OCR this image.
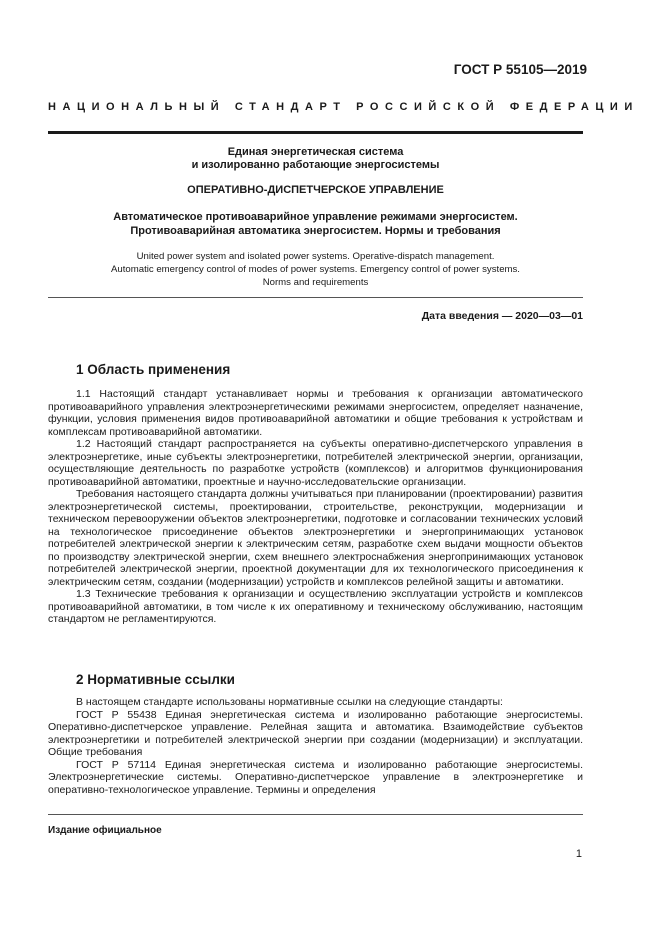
ГОСТ Р 55105—2019
НАЦИОНАЛЬНЫЙ СТАНДАРТ РОССИЙСКОЙ ФЕДЕРАЦИИ
Единая энергетическая система
и изолированно работающие энергосистемы
ОПЕРАТИВНО-ДИСПЕТЧЕРСКОЕ УПРАВЛЕНИЕ
Автоматическое противоаварийное управление режимами энергосистем.
Противоаварийная автоматика энергосистем. Нормы и требования
United power system and isolated power systems. Operative-dispatch management.
Automatic emergency control of modes of power systems. Emergency control of power systems.
Norms and requirements
Дата введения — 2020—03—01
1 Область применения

1.1 Настоящий стандарт устанавливает нормы и требования к организации автоматического противоаварийного управления электроэнергетическими режимами энергосистем, определяет назначение, функции, условия применения видов противоаварийной автоматики и общие требования к устройствам и комплексам противоаварийной автоматики.

1.2 Настоящий стандарт распространяется на субъекты оперативно-диспетчерского управления в электроэнергетике, иные субъекты электроэнергетики, потребителей электрической энергии, организации, осуществляющие деятельность по разработке устройств (комплексов) и алгоритмов функционирования противоаварийной автоматики, проектные и научно-исследовательские организации.

Требования настоящего стандарта должны учитываться при планировании (проектировании) развития электроэнергетической системы, проектировании, строительстве, реконструкции, модернизации и техническом перевооружении объектов электроэнергетики, подготовке и согласовании технических условий на технологическое присоединение объектов электроэнергетики и энергопринимающих установок потребителей электрической энергии к электрическим сетям, разработке схем выдачи мощности объектов по производству электрической энергии, схем внешнего электроснабжения энергопринимающих установок потребителей электрической энергии, проектной документации для их технологического присоединения к электрическим сетям, создании (модернизации) устройств и комплексов релейной защиты и автоматики.

1.3 Технические требования к организации и осуществлению эксплуатации устройств и комплексов противоаварийной автоматики, в том числе к их оперативному и техническому обслуживанию, настоящим стандартом не регламентируются.

2 Нормативные ссылки

В настоящем стандарте использованы нормативные ссылки на следующие стандарты:

ГОСТ Р 55438 Единая энергетическая система и изолированно работающие энергосистемы. Оперативно-диспетчерское управление. Релейная защита и автоматика. Взаимодействие субъектов электроэнергетики и потребителей электрической энергии при создании (модернизации) и эксплуатации. Общие требования

ГОСТ Р 57114 Единая энергетическая система и изолированно работающие энергосистемы. Электроэнергетические системы. Оперативно-диспетчерское управление в электроэнергетике и оперативно-технологическое управление. Термины и определения

Издание официальное
1
